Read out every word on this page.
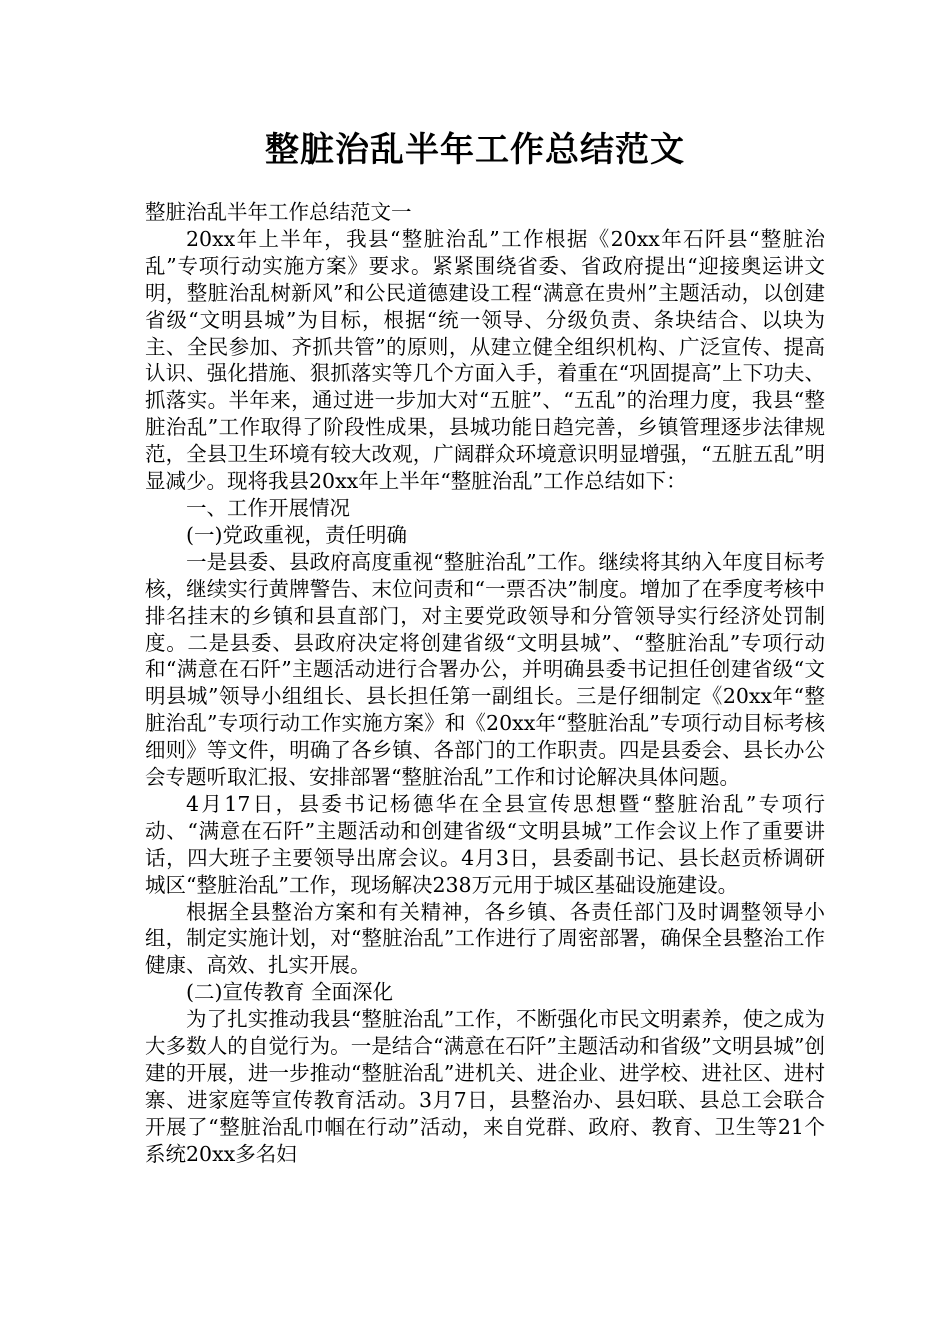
整脏治乱半年工作总结范文

整脏治乱半年工作总结范文一

20xx年上半年，我县“整脏治乱”工作根据《20xx年石阡县“整脏治乱”专项行动实施方案》要求。紧紧围绕省委、省政府提出“迎接奥运讲文明，整脏治乱树新风”和公民道德建设工程“满意在贵州”主题活动，以创建省级“文明县城”为目标，根据“统一领导、分级负责、条块结合、以块为主、全民参加、齐抓共管”的原则，从建立健全组织机构、广泛宣传、提高认识、强化措施、狠抓落实等几个方面入手，着重在“巩固提高”上下功夫、抓落实。半年来，通过进一步加大对“五脏”、“五乱”的治理力度，我县“整脏治乱”工作取得了阶段性成果，县城功能日趋完善，乡镇管理逐步法律规范，全县卫生环境有较大改观，广阔群众环境意识明显增强，“五脏五乱”明显减少。现将我县20xx年上半年“整脏治乱”工作总结如下：

一、工作开展情况

(一)党政重视，责任明确

一是县委、县政府高度重视“整脏治乱”工作。继续将其纳入年度目标考核，继续实行黄牌警告、末位问责和“一票否决”制度。增加了在季度考核中排名挂末的乡镇和县直部门，对主要党政领导和分管领导实行经济处罚制度。二是县委、县政府决定将创建省级“文明县城”、“整脏治乱”专项行动和“满意在石阡”主题活动进行合署办公，并明确县委书记担任创建省级“文明县城”领导小组组长、县长担任第一副组长。三是仔细制定《20xx年“整脏治乱”专项行动工作实施方案》和《20xx年“整脏治乱”专项行动目标考核细则》等文件，明确了各乡镇、各部门的工作职责。四是县委会、县长办公会专题听取汇报、安排部署“整脏治乱”工作和讨论解决具体问题。

4月17日，县委书记杨德华在全县宣传思想暨“整脏治乱”专项行动、“满意在石阡”主题活动和创建省级“文明县城”工作会议上作了重要讲话，四大班子主要领导出席会议。4月3日，县委副书记、县长赵贡桥调研城区“整脏治乱”工作，现场解决238万元用于城区基础设施建设。

根据全县整治方案和有关精神，各乡镇、各责任部门及时调整领导小组，制定实施计划，对“整脏治乱”工作进行了周密部署，确保全县整治工作健康、高效、扎实开展。

(二)宣传教育 全面深化

为了扎实推动我县“整脏治乱”工作，不断强化市民文明素养，使之成为大多数人的自觉行为。一是结合“满意在石阡”主题活动和省级”文明县城”创建的开展，进一步推动“整脏治乱”进机关、进企业、进学校、进社区、进村寨、进家庭等宣传教育活动。3月7日，县整治办、县妇联、县总工会联合开展了“整脏治乱巾帼在行动”活动，来自党群、政府、教育、卫生等21个系统20xx多名妇
